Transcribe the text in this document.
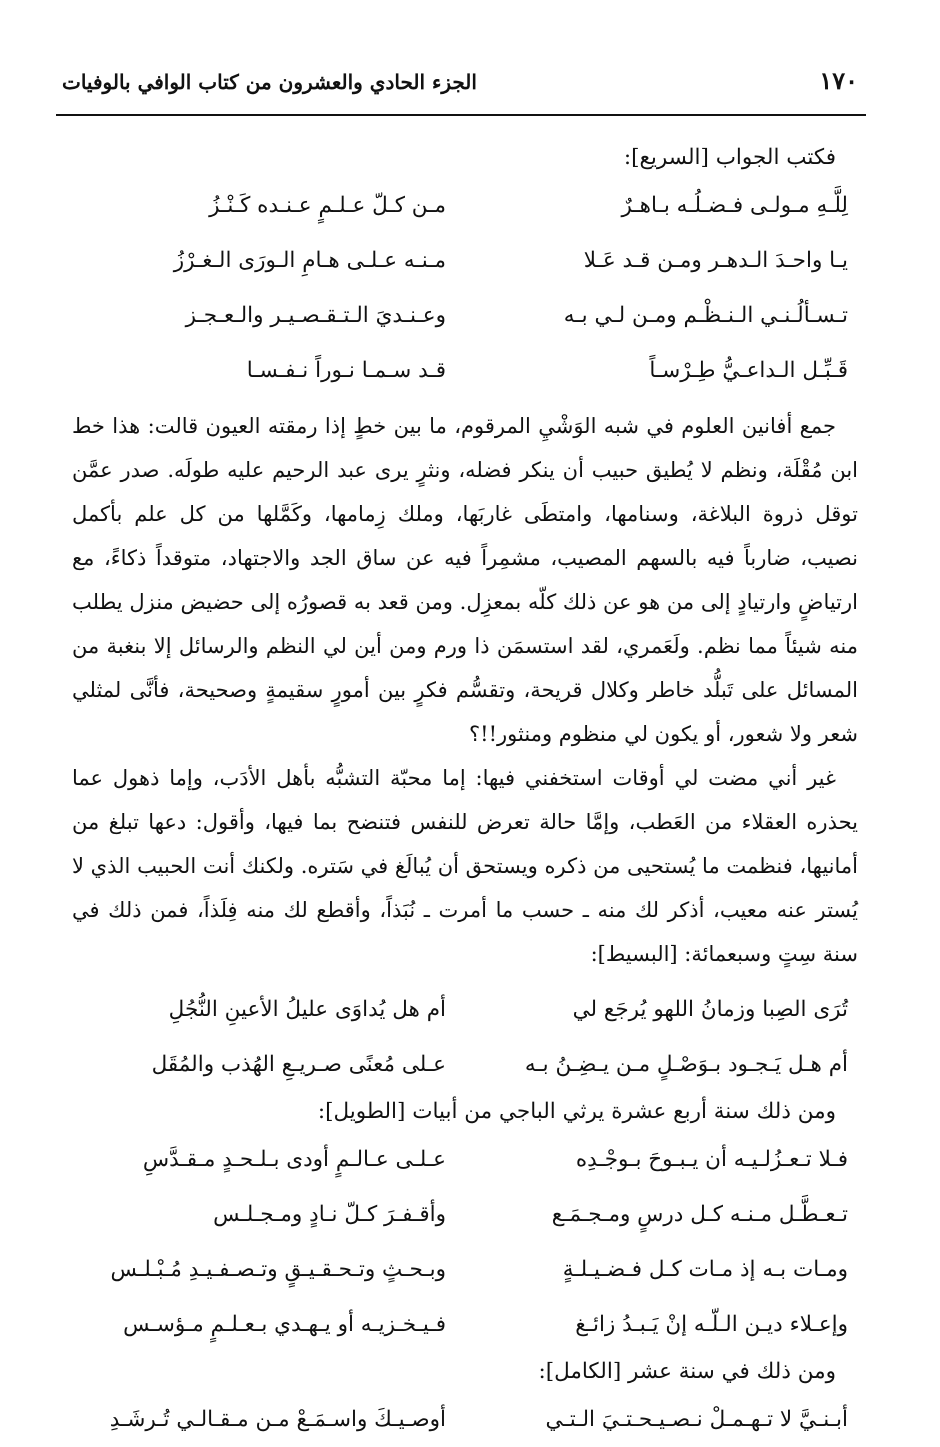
١٧٠
الجزء الحادي والعشرون من كتاب الوافي بالوفيات

فكتب الجواب [السريع]:

لِلَّـهِ مـولـى فـضـلُـه بـاهـرٌ
مـن كـلّ عـلـمٍ عـنـده كَـنْـزُ
يـا واحـدَ الـدهـر ومـن قـد عَـلا
مـنـه عـلـى هـامِ الـورَى الـغـرْزُ
تـسـألُـنـي الـنـظْـم ومـن لـي بـه
وعـنـديَ الـتـقـصـيـر والـعـجـز
قَـبِّـل الـداعـيُّ طِـرْسـاً
قـد سـمـا نـوراً نـفـسـا

جمع أفانين العلوم في شبه الوَشْيِ المرقوم، ما بين خطٍ إذا رمقته العيون قالت: هذا خط ابن مُقْلَة، ونظم لا يُطيق حبيب أن ينكر فضله، ونثرٍ يرى عبد الرحيم عليه طولَه. صدر عمَّن توقل ذروة البلاغة، وسنامها، وامتطَى غاربَها، وملك زِمامها، وكَمَّلها من كل علم بأكمل نصيب، ضارباً فيه بالسهم المصيب، مشمِراً فيه عن ساق الجد والاجتهاد، متوقداً ذكاءً، مع ارتياضٍ وارتيادٍ إلى من هو عن ذلك كلّه بمعزِل. ومن قعد به قصورُه إلى حضيض منزل يطلب منه شيئاً مما نظم. ولَعَمري، لقد استسمَن ذا ورم ومن أين لي النظم والرسائل إلا بنغبة من المسائل على تَبلُّد خاطر وكلال قريحة، وتقسُّم فكرٍ بين أمورٍ سقيمةٍ وصحيحة، فأنَّى لمثلي شعر ولا شعور، أو يكون لي منظوم ومنثور!!؟

غير أني مضت لي أوقات استخفني فيها: إما محبّة التشبُّه بأهل الأدَب، وإما ذهول عما يحذره العقلاء من العَطب، وإمَّا حالة تعرض للنفس فتنضح بما فيها، وأقول: دعها تبلغ من أمانيها، فنظمت ما يُستحيى من ذكره ويستحق أن يُبالَغ في سَتره. ولكنك أنت الحبيب الذي لا يُستر عنه معيب، أذكر لك منه ـ حسب ما أمرت ـ نُبَذاً، وأقطع لك منه فِلَذاً، فمن ذلك في سنة سِتٍ وسبعمائة: [البسيط]:

تُرَى الصِبا وزمانُ اللهو يُرجَع لي
أم هل يُداوَى عليلُ الأعينِ النُّجُلِ
أم هـل يَـجـود بـوَصْـلٍ مـن يـضِـنُ بـه
عـلى مُعنًى صـريـعِ الهُذب والمُقَل

ومن ذلك سنة أربع عشرة يرثي الباجي من أبيات [الطويل]:

فـلا تـعـزُلـيـه أن يـبـوحَ بـوجْـدِه
عـلـى عـالـمٍ أودى بـلـحـدٍ مـقـدَّسِ
تـعـطَّـل مـنـه كـل درسٍ ومـجـمَـع
وأقـفـرَ كـلّ نـادٍ ومـجـلـس
ومـات بـه إذ مـات كـل فـضـيـلـةٍ
وبـحـثٍ وتـحـقـيـقٍ وتـصـفـيـدِ مُـبْـلـس
وإعـلاء ديـن الـلّـه إنْ يَـبـدُ زائـغ
فـيـخـزيـه أو يـهـدي بـعـلـمٍ مـؤسـس

ومن ذلك في سنة عشر [الكامل]:

أبـنـيَّ لا تـهـمـلْ نـصـيـحـتـيَ الـتـي
أوصـيـكَ واسـمَـعْ مـن مـقـالـي تُـرشَـدِ
